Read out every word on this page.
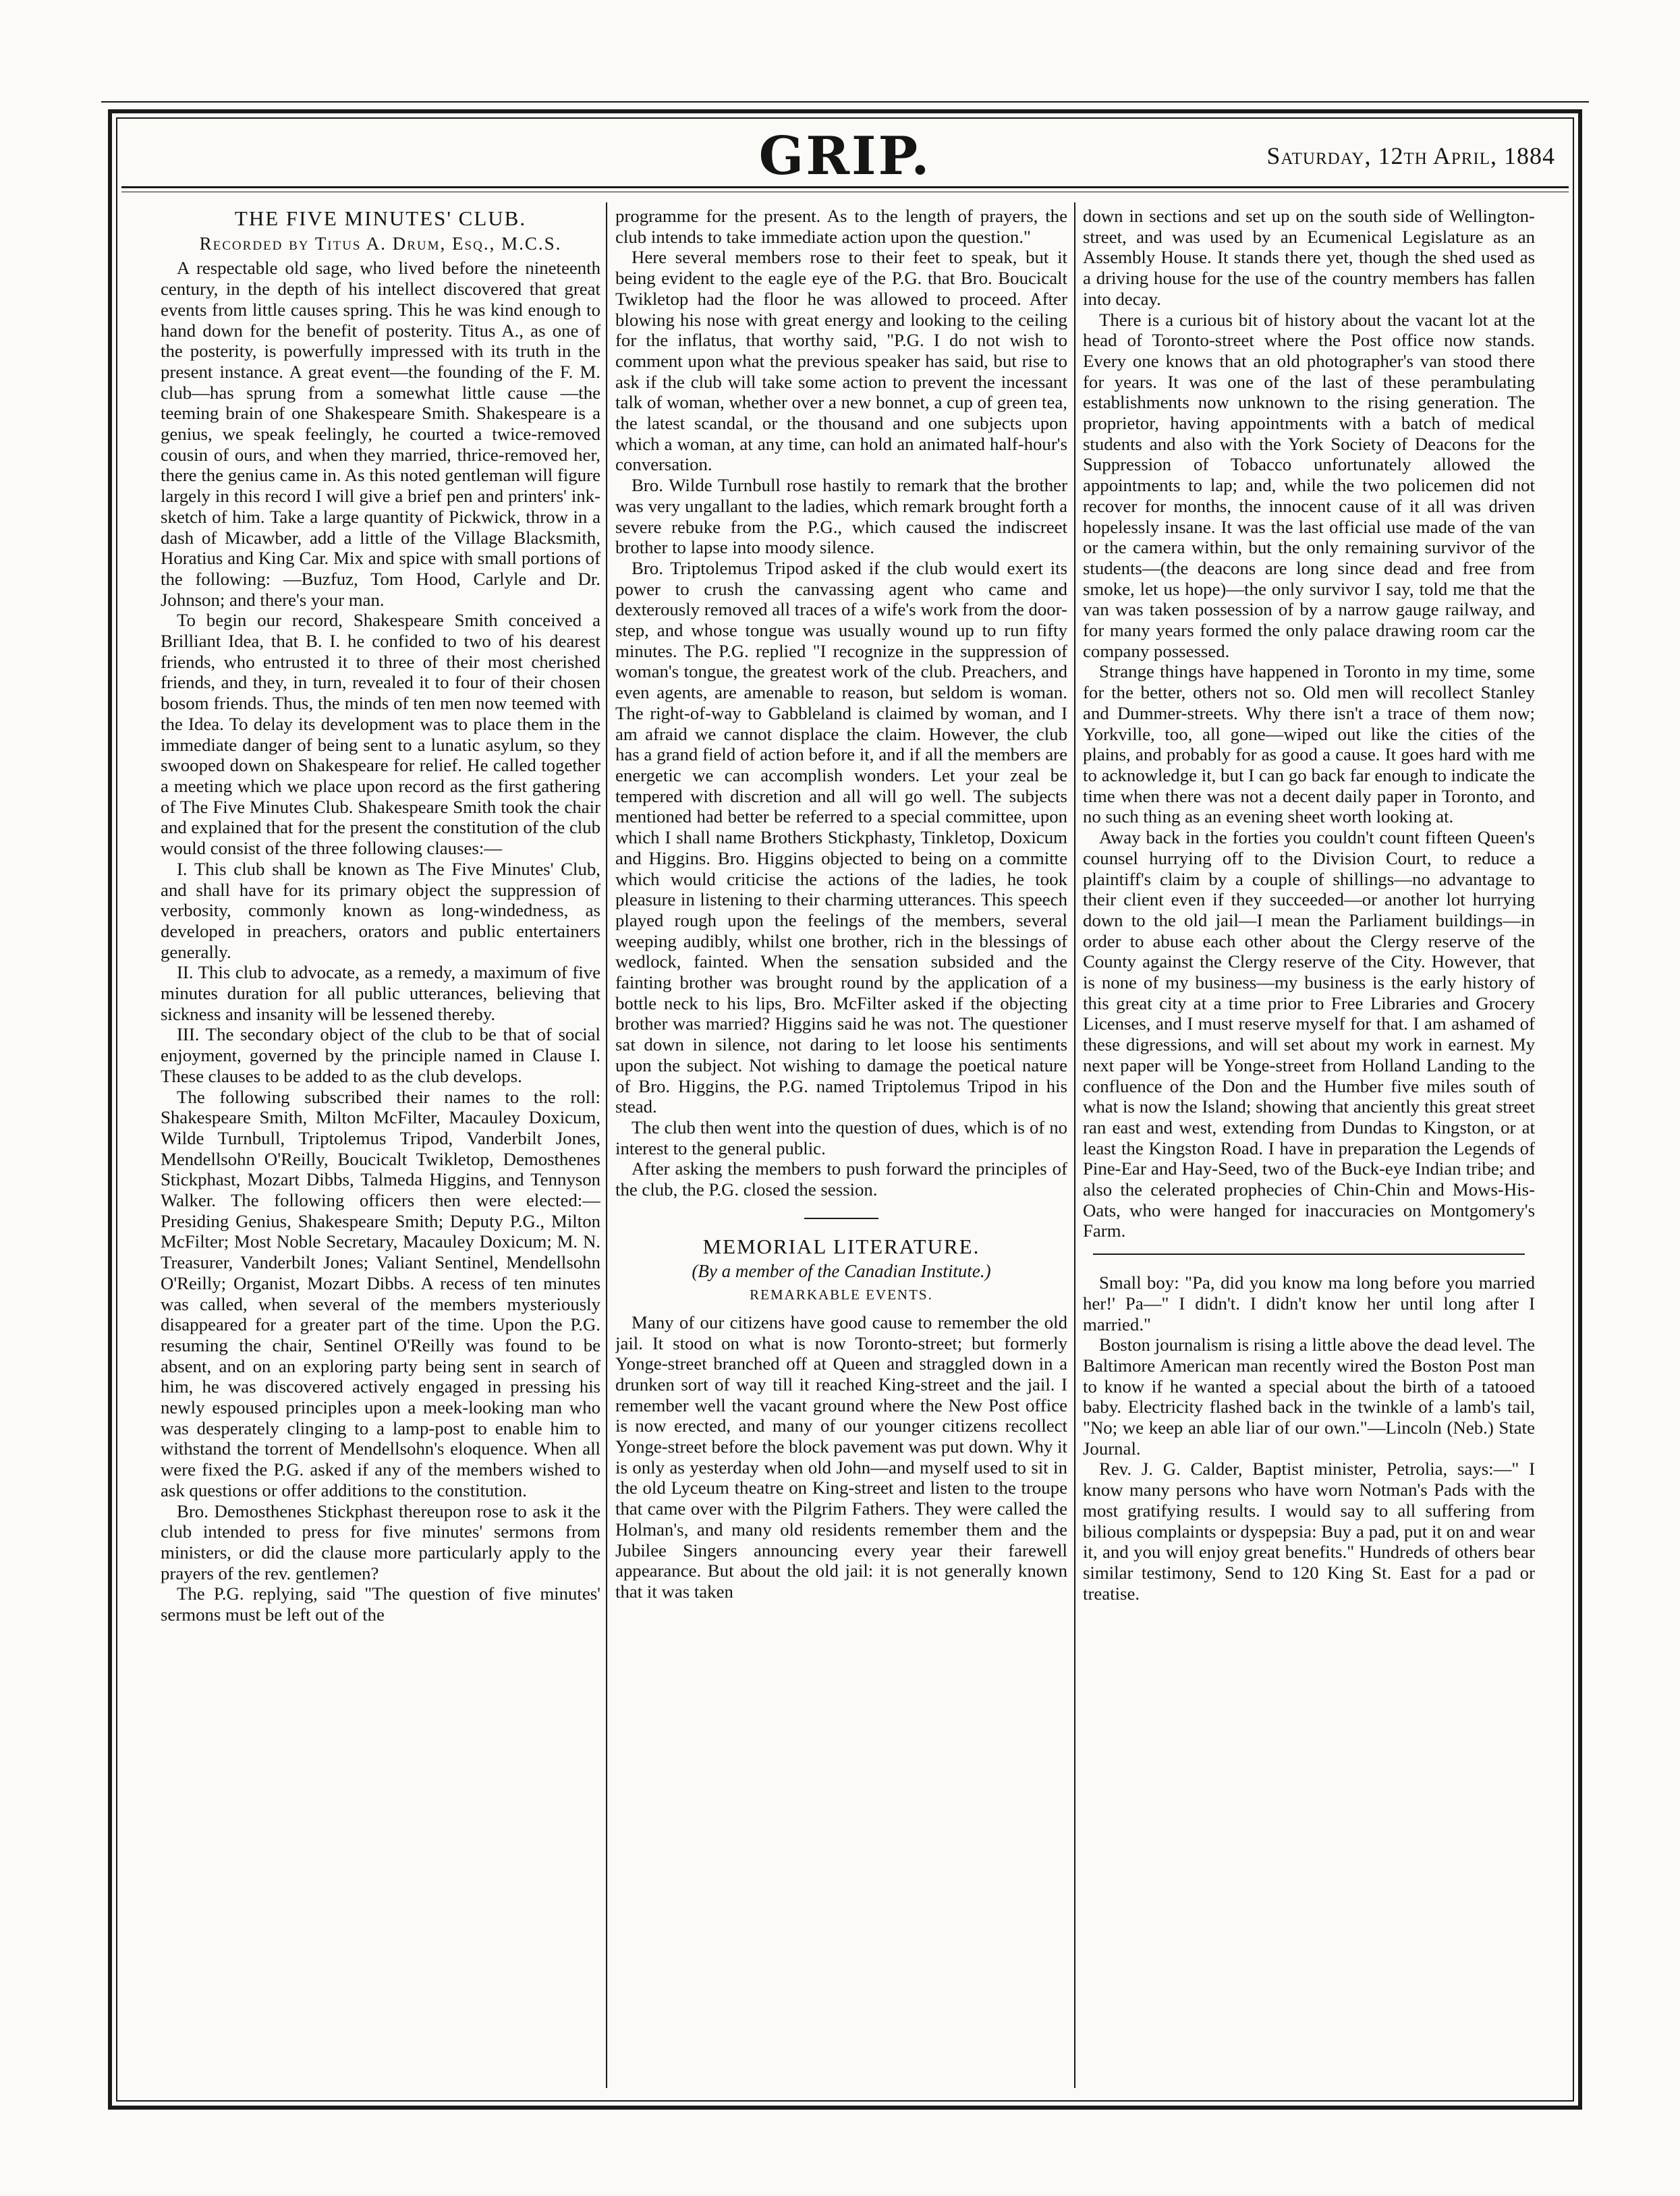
GRIP.	Saturday, 12th April, 1884
THE FIVE MINUTES' CLUB.
Recorded by Titus A. Drum, Esq., M.C.S.

A respectable old sage, who lived before the nineteenth century, in the depth of his intellect discovered that great events from little causes spring. This he was kind enough to hand down for the benefit of posterity. Titus A., as one of the posterity, is powerfully impressed with its truth in the present instance. A great event—the founding of the F. M. club—has sprung from a somewhat little cause —the teeming brain of one Shakespeare Smith. Shakespeare is a genius, we speak feelingly, he courted a twice-removed cousin of ours, and when they married, thrice-removed her, there the genius came in. As this noted gentleman will figure largely in this record I will give a brief pen and printers' ink-sketch of him. Take a large quantity of Pickwick, throw in a dash of Micawber, add a little of the Village Blacksmith, Horatius and King Car. Mix and spice with small portions of the following: —Buzfuz, Tom Hood, Carlyle and Dr. Johnson; and there's your man.

To begin our record, Shakespeare Smith conceived a Brilliant Idea, that B. I. he confided to two of his dearest friends, who entrusted it to three of their most cherished friends, and they, in turn, revealed it to four of their chosen bosom friends. Thus, the minds of ten men now teemed with the Idea. To delay its development was to place them in the immediate danger of being sent to a lunatic asylum, so they swooped down on Shakespeare for relief. He called together a meeting which we place upon record as the first gathering of The Five Minutes Club. Shakespeare Smith took the chair and explained that for the present the constitution of the club would consist of the three following clauses:—

I. This club shall be known as The Five Minutes' Club, and shall have for its primary object the suppression of verbosity, commonly known as long-windedness, as developed in preachers, orators and public entertainers generally.

II. This club to advocate, as a remedy, a maximum of five minutes duration for all public utterances, believing that sickness and insanity will be lessened thereby.

III. The secondary object of the club to be that of social enjoyment, governed by the principle named in Clause I. These clauses to be added to as the club develops.

The following subscribed their names to the roll: Shakespeare Smith, Milton McFilter, Macauley Doxicum, Wilde Turnbull, Triptolemus Tripod, Vanderbilt Jones, Mendellsohn O'Reilly, Boucicalt Twikletop, Demosthenes Stickphast, Mozart Dibbs, Talmeda Higgins, and Tennyson Walker. The following officers then were elected:—Presiding Genius, Shakespeare Smith; Deputy P.G., Milton McFilter; Most Noble Secretary, Macauley Doxicum; M. N. Treasurer, Vanderbilt Jones; Valiant Sentinel, Mendellsohn O'Reilly; Organist, Mozart Dibbs. A recess of ten minutes was called, when several of the members mysteriously disappeared for a greater part of the time. Upon the P.G. resuming the chair, Sentinel O'Reilly was found to be absent, and on an exploring party being sent in search of him, he was discovered actively engaged in pressing his newly espoused principles upon a meek-looking man who was desperately clinging to a lamp-post to enable him to withstand the torrent of Mendellsohn's eloquence. When all were fixed the P.G. asked if any of the members wished to ask questions or offer additions to the constitution.

Bro. Demosthenes Stickphast thereupon rose to ask it the club intended to press for five minutes' sermons from ministers, or did the clause more particularly apply to the prayers of the rev. gentlemen?

The P.G. replying, said "The question of five minutes' sermons must be left out of the

programme for the present. As to the length of prayers, the club intends to take immediate action upon the question."

Here several members rose to their feet to speak, but it being evident to the eagle eye of the P.G. that Bro. Boucicalt Twikletop had the floor he was allowed to proceed. After blowing his nose with great energy and looking to the ceiling for the inflatus, that worthy said, "P.G. I do not wish to comment upon what the previous speaker has said, but rise to ask if the club will take some action to prevent the incessant talk of woman, whether over a new bonnet, a cup of green tea, the latest scandal, or the thousand and one subjects upon which a woman, at any time, can hold an animated half-hour's conversation.

Bro. Wilde Turnbull rose hastily to remark that the brother was very ungallant to the ladies, which remark brought forth a severe rebuke from the P.G., which caused the indiscreet brother to lapse into moody silence.

Bro. Triptolemus Tripod asked if the club would exert its power to crush the canvassing agent who came and dexterously removed all traces of a wife's work from the door-step, and whose tongue was usually wound up to run fifty minutes. The P.G. replied "I recognize in the suppression of woman's tongue, the greatest work of the club. Preachers, and even agents, are amenable to reason, but seldom is woman. The right-of-way to Gabbleland is claimed by woman, and I am afraid we cannot displace the claim. However, the club has a grand field of action before it, and if all the members are energetic we can accomplish wonders. Let your zeal be tempered with discretion and all will go well. The subjects mentioned had better be referred to a special committee, upon which I shall name Brothers Stickphasty, Tinkletop, Doxicum and Higgins. Bro. Higgins objected to being on a committe which would criticise the actions of the ladies, he took pleasure in listening to their charming utterances. This speech played rough upon the feelings of the members, several weeping audibly, whilst one brother, rich in the blessings of wedlock, fainted. When the sensation subsided and the fainting brother was brought round by the application of a bottle neck to his lips, Bro. McFilter asked if the objecting brother was married? Higgins said he was not. The questioner sat down in silence, not daring to let loose his sentiments upon the subject. Not wishing to damage the poetical nature of Bro. Higgins, the P.G. named Triptolemus Tripod in his stead.

The club then went into the question of dues, which is of no interest to the general public.

After asking the members to push forward the principles of the club, the P.G. closed the session.

MEMORIAL LITERATURE.
(By a member of the Canadian Institute.)
REMARKABLE EVENTS.

Many of our citizens have good cause to remember the old jail. It stood on what is now Toronto-street; but formerly Yonge-street branched off at Queen and straggled down in a drunken sort of way till it reached King-street and the jail. I remember well the vacant ground where the New Post office is now erected, and many of our younger citizens recollect Yonge-street before the block pavement was put down. Why it is only as yesterday when old John—and myself used to sit in the old Lyceum theatre on King-street and listen to the troupe that came over with the Pilgrim Fathers. They were called the Holman's, and many old residents remember them and the Jubilee Singers announcing every year their farewell appearance. But about the old jail: it is not generally known that it was taken

down in sections and set up on the south side of Wellington-street, and was used by an Ecumenical Legislature as an Assembly House. It stands there yet, though the shed used as a driving house for the use of the country members has fallen into decay.

There is a curious bit of history about the vacant lot at the head of Toronto-street where the Post office now stands. Every one knows that an old photographer's van stood there for years. It was one of the last of these perambulating establishments now unknown to the rising generation. The proprietor, having appointments with a batch of medical students and also with the York Society of Deacons for the Suppression of Tobacco unfortunately allowed the appointments to lap; and, while the two policemen did not recover for months, the innocent cause of it all was driven hopelessly insane. It was the last official use made of the van or the camera within, but the only remaining survivor of the students—(the deacons are long since dead and free from smoke, let us hope)—the only survivor I say, told me that the van was taken possession of by a narrow gauge railway, and for many years formed the only palace drawing room car the company possessed.

Strange things have happened in Toronto in my time, some for the better, others not so. Old men will recollect Stanley and Dummer-streets. Why there isn't a trace of them now; Yorkville, too, all gone—wiped out like the cities of the plains, and probably for as good a cause. It goes hard with me to acknowledge it, but I can go back far enough to indicate the time when there was not a decent daily paper in Toronto, and no such thing as an evening sheet worth looking at.

Away back in the forties you couldn't count fifteen Queen's counsel hurrying off to the Division Court, to reduce a plaintiff's claim by a couple of shillings—no advantage to their client even if they succeeded—or another lot hurrying down to the old jail—I mean the Parliament buildings—in order to abuse each other about the Clergy reserve of the County against the Clergy reserve of the City. However, that is none of my business—my business is the early history of this great city at a time prior to Free Libraries and Grocery Licenses, and I must reserve myself for that. I am ashamed of these digressions, and will set about my work in earnest. My next paper will be Yonge-street from Holland Landing to the confluence of the Don and the Humber five miles south of what is now the Island; showing that anciently this great street ran east and west, extending from Dundas to Kingston, or at least the Kingston Road. I have in preparation the Legends of Pine-Ear and Hay-Seed, two of the Buck-eye Indian tribe; and also the celerated prophecies of Chin-Chin and Mows-His-Oats, who were hanged for inaccuracies on Montgomery's Farm.

Small boy: "Pa, did you know ma long before you married her!' Pa—" I didn't. I didn't know her until long after I married."

Boston journalism is rising a little above the dead level. The Baltimore American man recently wired the Boston Post man to know if he wanted a special about the birth of a tatooed baby. Electricity flashed back in the twinkle of a lamb's tail, "No; we keep an able liar of our own."—Lincoln (Neb.) State Journal.

Rev. J. G. Calder, Baptist minister, Petrolia, says:—" I know many persons who have worn Notman's Pads with the most gratifying results. I would say to all suffering from bilious complaints or dyspepsia: Buy a pad, put it on and wear it, and you will enjoy great benefits." Hundreds of others bear similar testimony, Send to 120 King St. East for a pad or treatise.
